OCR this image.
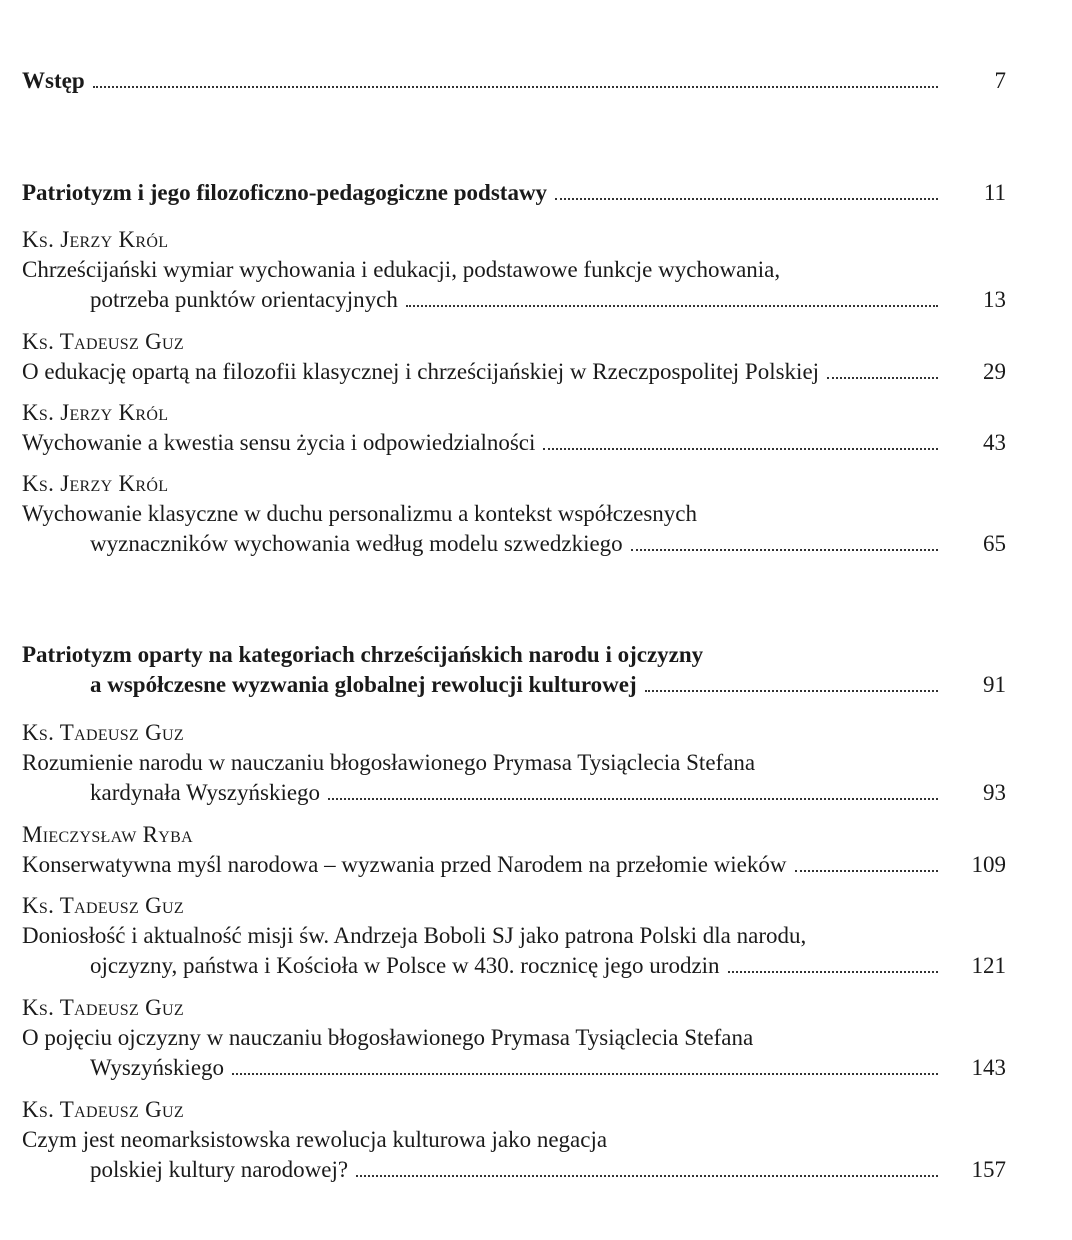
Wstęp	7
Patriotyzm i jego filozoficzno-pedagogiczne podstawy	11
Ks. Jerzy Król
Chrześcijański wymiar wychowania i edukacji, podstawowe funkcje wychowania,
potrzeba punktów orientacyjnych	13
Ks. Tadeusz Guz
O edukację opartą na filozofii klasycznej i chrześcijańskiej w Rzeczpospolitej Polskiej	29
Ks. Jerzy Król
Wychowanie a kwestia sensu życia i odpowiedzialności	43
Ks. Jerzy Król
Wychowanie klasyczne w duchu personalizmu a kontekst współczesnych
wyznaczników wychowania według modelu szwedzkiego	65
Patriotyzm oparty na kategoriach chrześcijańskich narodu i ojczyzny
a współczesne wyzwania globalnej rewolucji kulturowej	91
Ks. Tadeusz Guz
Rozumienie narodu w nauczaniu błogosławionego Prymasa Tysiąclecia Stefana
kardynała Wyszyńskiego	93
Mieczysław Ryba
Konserwatywna myśl narodowa – wyzwania przed Narodem na przełomie wieków	109
Ks. Tadeusz Guz
Doniosłość i aktualność misji św. Andrzeja Boboli SJ jako patrona Polski dla narodu,
ojczyzny, państwa i Kościoła w Polsce w 430. rocznicę jego urodzin	121
Ks. Tadeusz Guz
O pojęciu ojczyzny w nauczaniu błogosławionego Prymasa Tysiąclecia Stefana
Wyszyńskiego	143
Ks. Tadeusz Guz
Czym jest neomarksistowska rewolucja kulturowa jako negacja
polskiej kultury narodowej?	157
